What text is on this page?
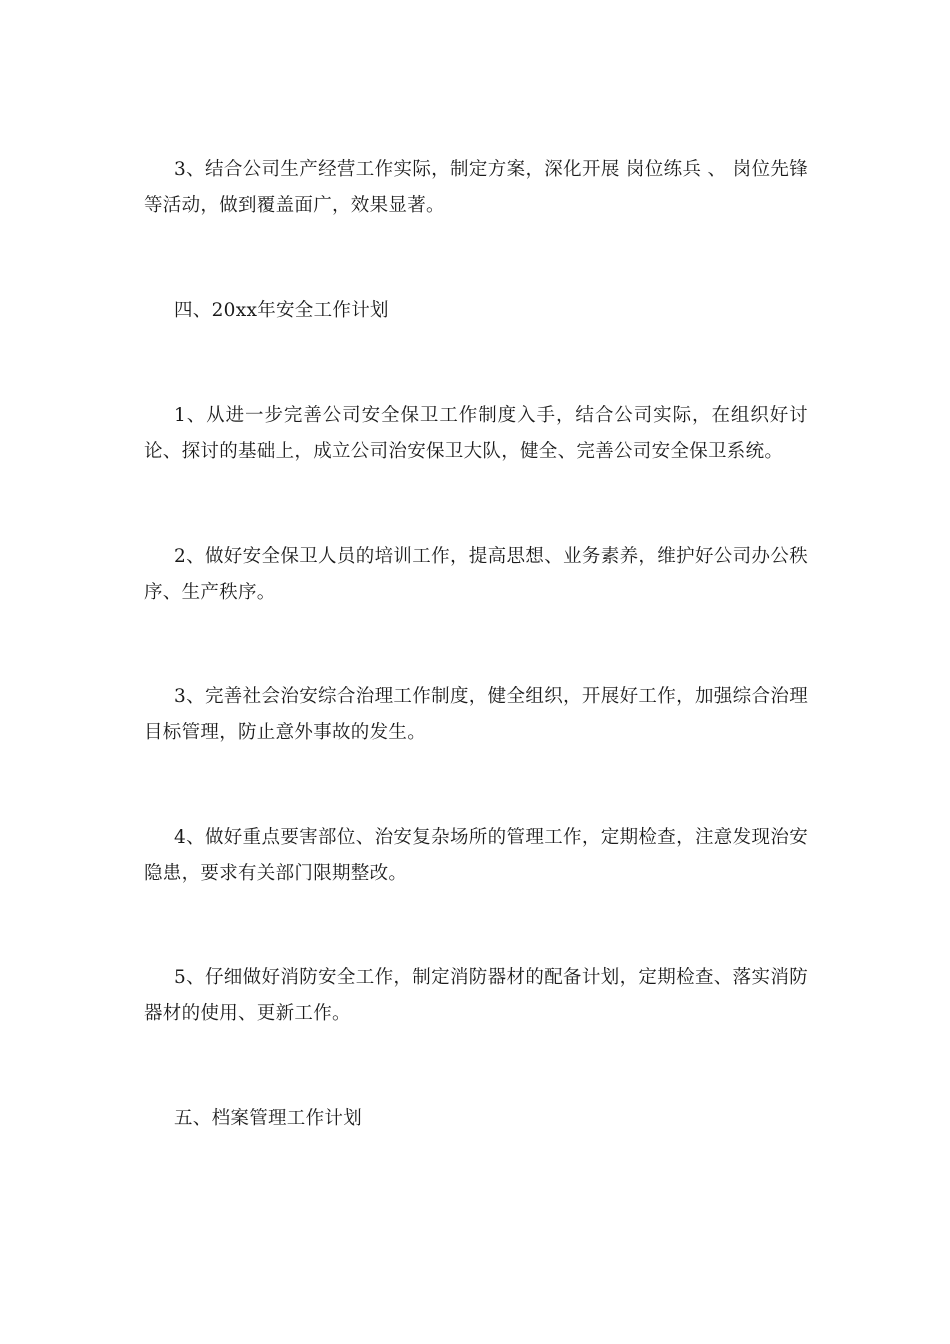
3、结合公司生产经营工作实际，制定方案，深化开展 岗位练兵 、 岗位先锋 等活动，做到覆盖面广，效果显著。

四、20xx年安全工作计划

1、从进一步完善公司安全保卫工作制度入手，结合公司实际，在组织好讨论、探讨的基础上，成立公司治安保卫大队，健全、完善公司安全保卫系统。

2、做好安全保卫人员的培训工作，提高思想、业务素养，维护好公司办公秩序、生产秩序。

3、完善社会治安综合治理工作制度，健全组织，开展好工作，加强综合治理目标管理，防止意外事故的发生。

4、做好重点要害部位、治安复杂场所的管理工作，定期检查，注意发现治安隐患，要求有关部门限期整改。

5、仔细做好消防安全工作，制定消防器材的配备计划，定期检查、落实消防器材的使用、更新工作。

五、档案管理工作计划
